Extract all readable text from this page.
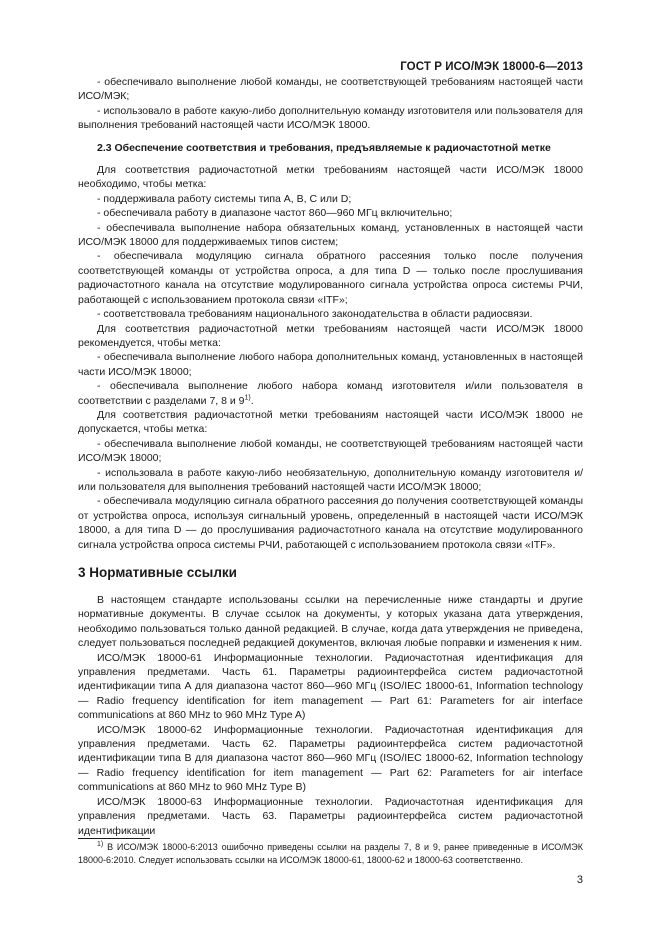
ГОСТ Р ИСО/МЭК 18000-6—2013

- обеспечивало выполнение любой команды, не соответствующей требованиям настоящей части ИСО/МЭК;

- использовало в работе какую-либо дополнительную команду изготовителя или пользователя для выполнения требований настоящей части ИСО/МЭК 18000.

2.3 Обеспечение соответствия и требования, предъявляемые к радиочастотной метке

Для соответствия радиочастотной метки требованиям настоящей части ИСО/МЭК 18000 необходимо, чтобы метка:

- поддерживала работу системы типа A, B, C или D;

- обеспечивала работу в диапазоне частот 860—960 МГц включительно;

- обеспечивала выполнение набора обязательных команд, установленных в настоящей части ИСО/МЭК 18000 для поддерживаемых типов систем;

- обеспечивала модуляцию сигнала обратного рассеяния только после получения соответствующей команды от устройства опроса, а для типа D — только после прослушивания радиочастотного канала на отсутствие модулированного сигнала устройства опроса системы РЧИ, работающей с использованием протокола связи «ITF»;

- соответствовала требованиям национального законодательства в области радиосвязи.

Для соответствия радиочастотной метки требованиям настоящей части ИСО/МЭК 18000 рекомендуется, чтобы метка:

- обеспечивала выполнение любого набора дополнительных команд, установленных в настоящей части ИСО/МЭК 18000;

- обеспечивала выполнение любого набора команд изготовителя и/или пользователя в соответствии с разделами 7, 8 и 9$^{1)}$.

Для соответствия радиочастотной метки требованиям настоящей части ИСО/МЭК 18000 не допускается, чтобы метка:

- обеспечивала выполнение любой команды, не соответствующей требованиям настоящей части ИСО/МЭК 18000;

- использовала в работе какую-либо необязательную, дополнительную команду изготовителя и/или пользователя для выполнения требований настоящей части ИСО/МЭК 18000;

- обеспечивала модуляцию сигнала обратного рассеяния до получения соответствующей команды от устройства опроса, используя сигнальный уровень, определенный в настоящей части ИСО/МЭК 18000, а для типа D — до прослушивания радиочастотного канала на отсутствие модулированного сигнала устройства опроса системы РЧИ, работающей с использованием протокола связи «ITF».

3 Нормативные ссылки

В настоящем стандарте использованы ссылки на перечисленные ниже стандарты и другие нормативные документы. В случае ссылок на документы, у которых указана дата утверждения, необходимо пользоваться только данной редакцией. В случае, когда дата утверждения не приведена, следует пользоваться последней редакцией документов, включая любые поправки и изменения к ним.

ИСО/МЭК 18000-61 Информационные технологии. Радиочастотная идентификация для управления предметами. Часть 61. Параметры радиоинтерфейса систем радиочастотной идентификации типа А для диапазона частот 860—960 МГц (ISO/IEC 18000-61, Information technology — Radio frequency identification for item management — Part 61: Parameters for air interface communications at 860 MHz to 960 MHz Type A)

ИСО/МЭК 18000-62 Информационные технологии. Радиочастотная идентификация для управления предметами. Часть 62. Параметры радиоинтерфейса систем радиочастотной идентификации типа В для диапазона частот 860—960 МГц (ISO/IEC 18000-62, Information technology — Radio frequency identification for item management — Part 62: Parameters for air interface communications at 860 MHz to 960 MHz Type B)

ИСО/МЭК 18000-63 Информационные технологии. Радиочастотная идентификация для управления предметами. Часть 63. Параметры радиоинтерфейса систем радиочастотной идентификации

$^{1)}$ В ИСО/МЭК 18000-6:2013 ошибочно приведены ссылки на разделы 7, 8 и 9, ранее приведенные в ИСО/МЭК 18000-6:2010. Следует использовать ссылки на ИСО/МЭК 18000-61, 18000-62 и 18000-63 соответственно.
3
